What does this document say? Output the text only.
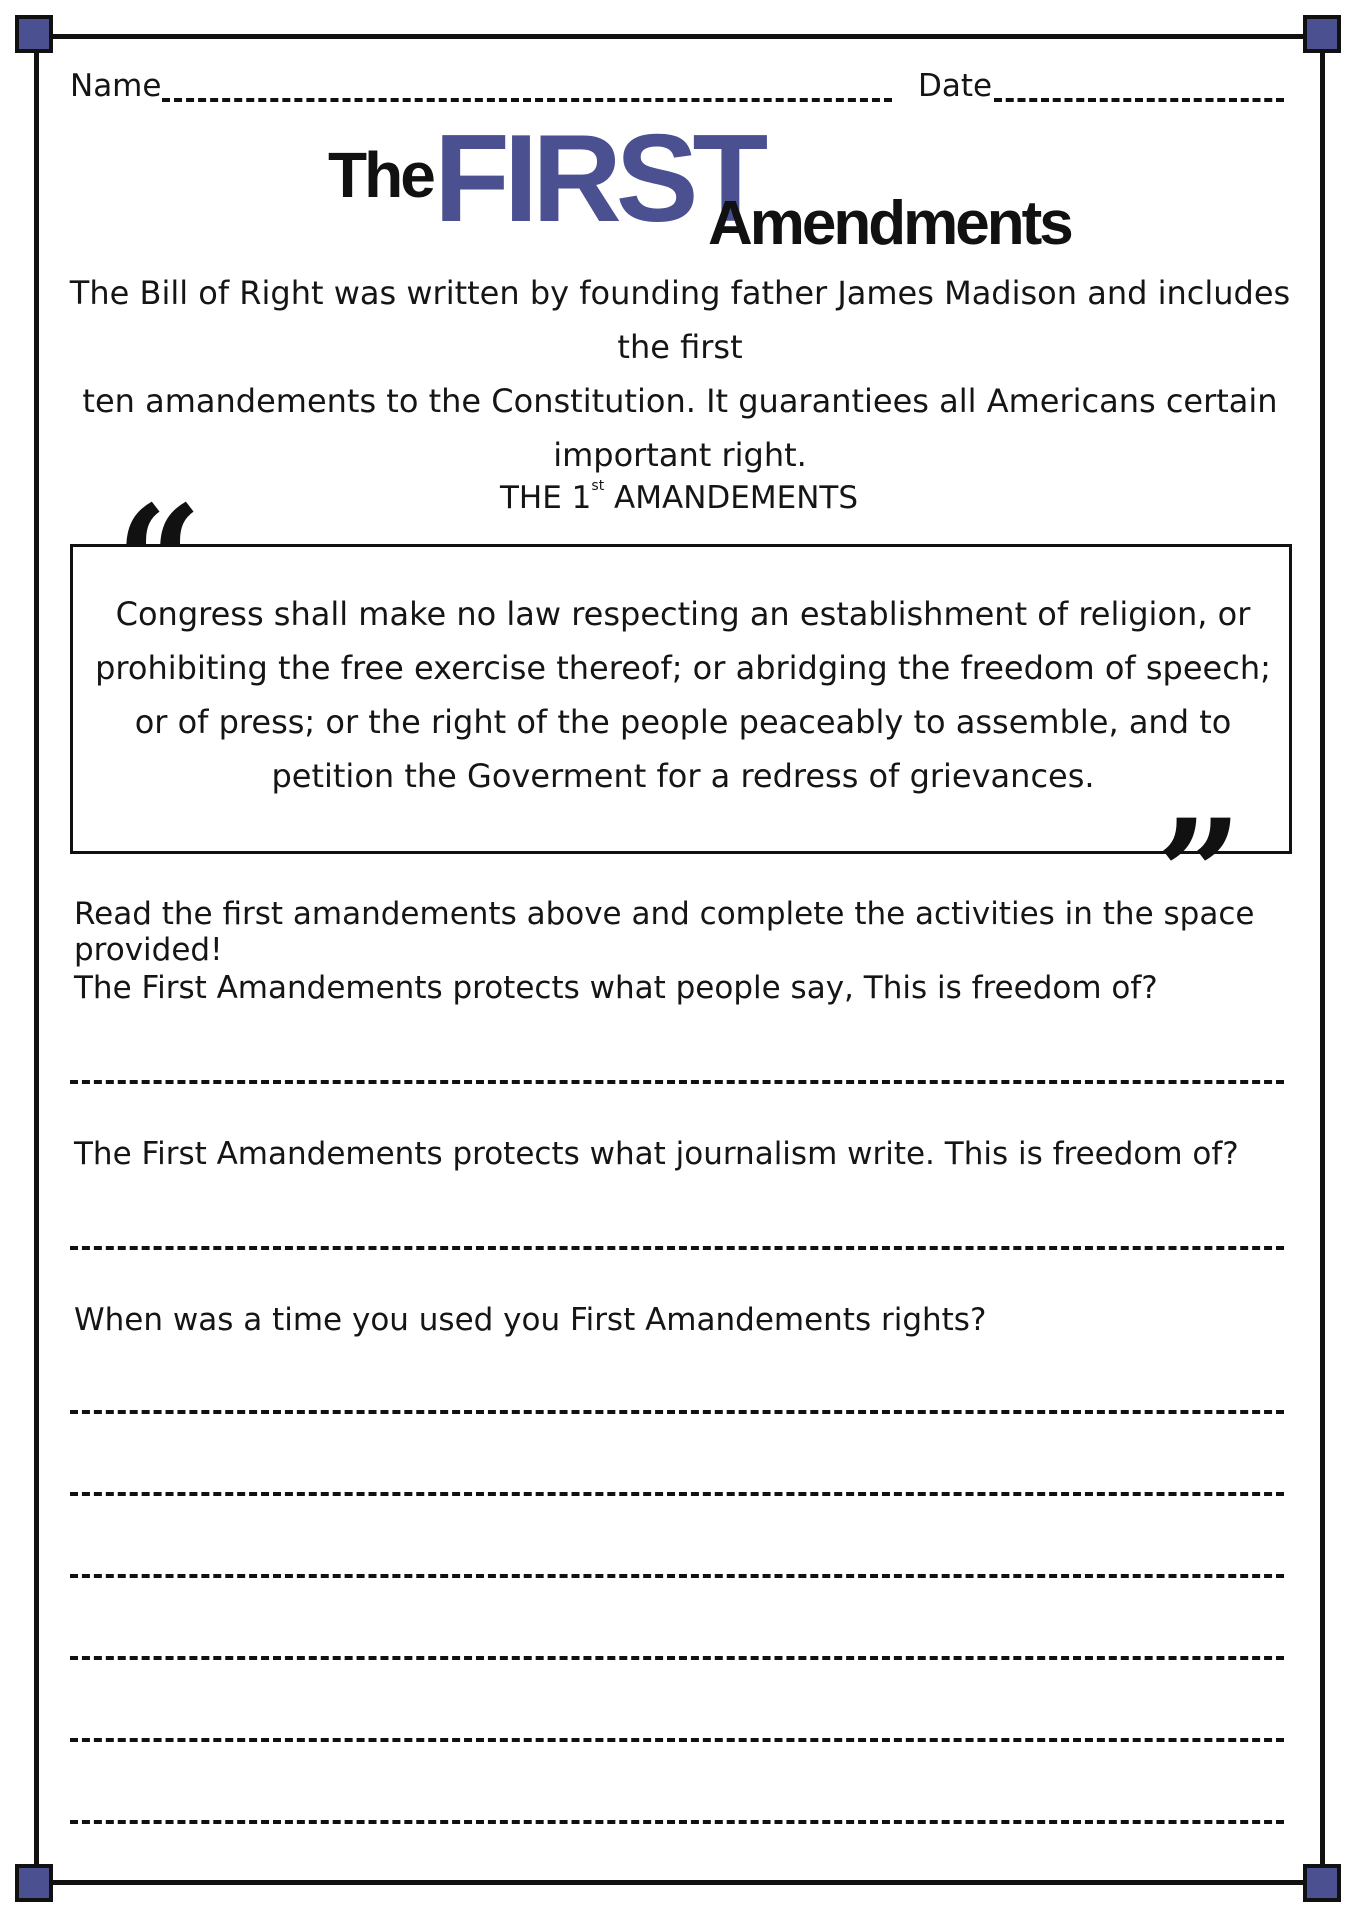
Name	Date
The FIRST
Amendments
The Bill of Right was written by founding father James Madison and includes the first
ten amandements to the Constitution. It guarantiees all Americans certain
important right.
THE 1st AMANDEMENTS
Congress shall make no law respecting an establishment of religion, or
prohibiting the free exercise thereof; or abridging the freedom of speech;
or of press; or the right of the people peaceably to assemble, and to
petition the Goverment for a redress of grievances.
“
”
Read the first amandements above and complete the activities in the space provided!
The First Amandements protects what people say, This is freedom of?
The First Amandements protects what journalism write. This is freedom of?
When was a time you used you First Amandements rights?
